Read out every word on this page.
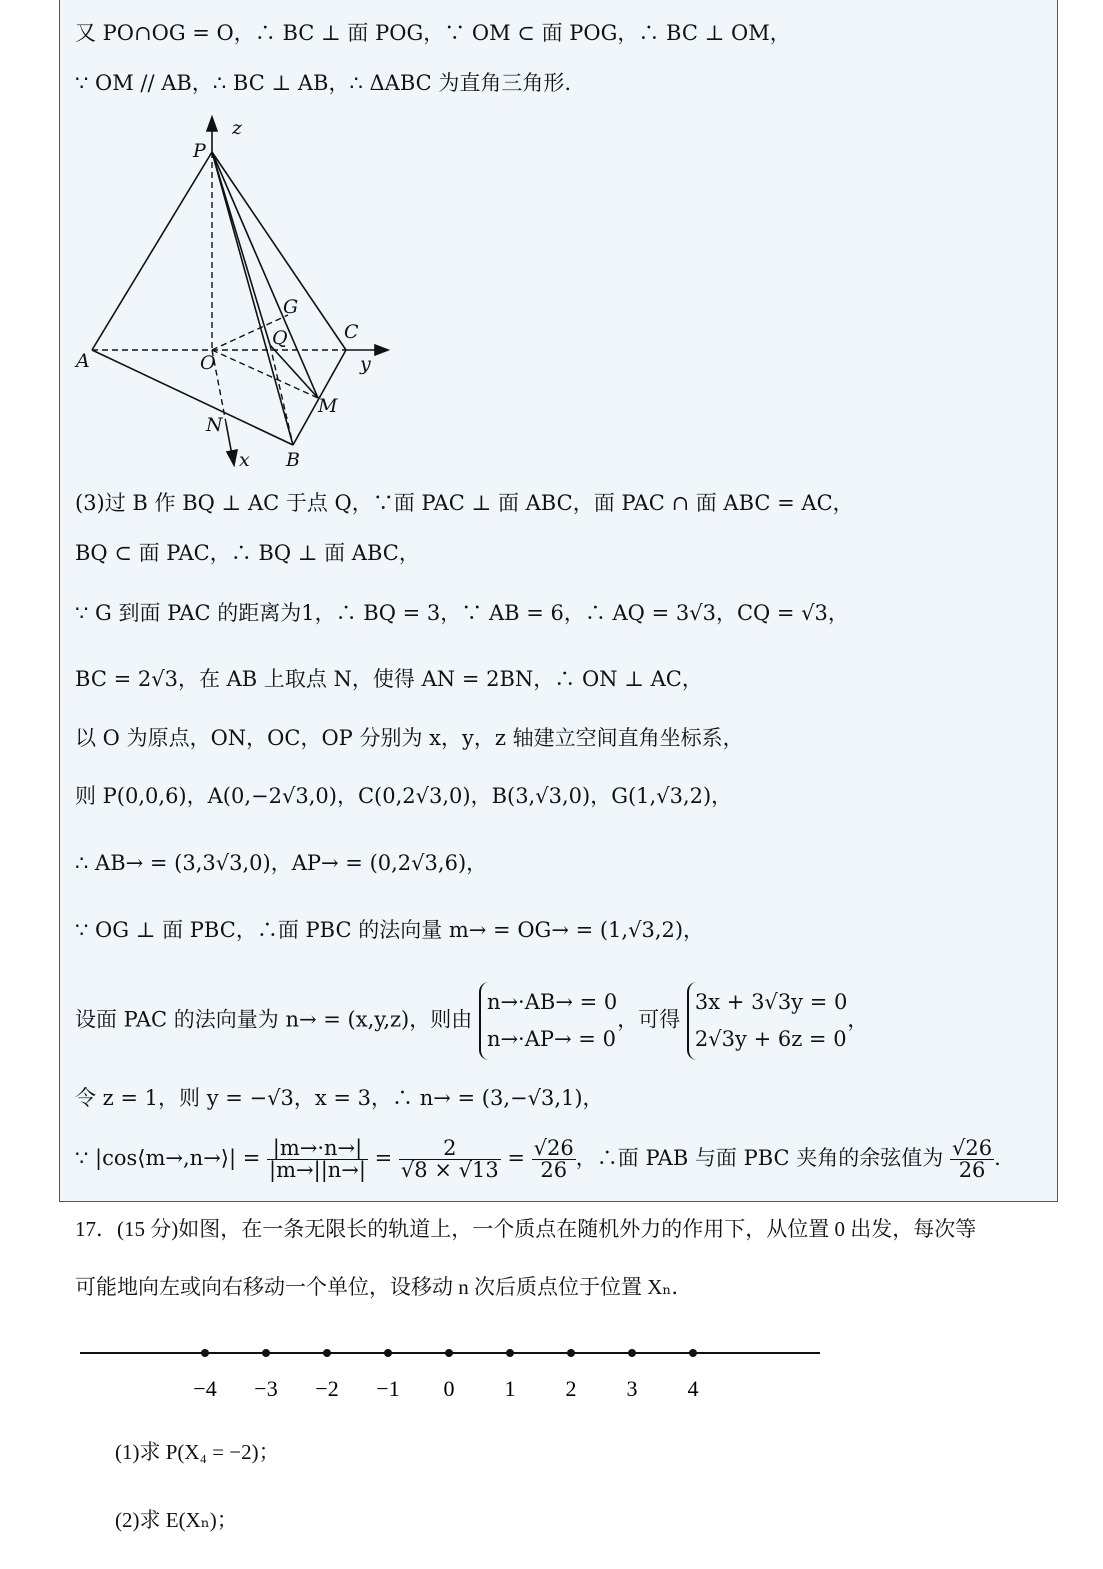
又 PO∩OG = O，∴ BC ⊥ 面 POG，∵ OM ⊂ 面 POG，∴ BC ⊥ OM，
∵ OM // AB，∴ BC ⊥ AB，∴ ΔABC 为直角三角形.
P
z
G
C
Q
A	O	y
M
N
x B
(3)过 B 作 BQ ⊥ AC 于点 Q，∵面 PAC ⊥ 面 ABC，面 PAC ∩ 面 ABC = AC，
BQ ⊂ 面 PAC，∴ BQ ⊥ 面 ABC，
∵ G 到面 PAC 的距离为1，∴ BQ = 3，∵ AB = 6，∴ AQ = 3√3，CQ = √3，
BC = 2√3，在 AB 上取点 N，使得 AN = 2BN，∴ ON ⊥ AC，
以 O 为原点，ON，OC，OP 分别为 x，y，z 轴建立空间直角坐标系，
则 P(0,0,6)，A(0,−2√3,0)，C(0,2√3,0)，B(3,√3,0)，G(1,√3,2)，
∴ AB→ = (3,3√3,0)，AP→ = (0,2√3,6)，
∵ OG ⊥ 面 PBC，∴面 PBC 的法向量 m→ = OG→ = (1,√3,2)，
设面 PAC 的法向量为 n→ = (x,y,z)，则由
n→·AB→ = 0
n→·AP→ = 0
，可得
3x + 3√3y = 0
2√3y + 6z = 0
，
令 z = 1，则 y = −√3，x = 3，∴ n→ = (3,−√3,1)，
∵ |cos⟨m→,n→⟩| = $\frac{|m\to\cdot n\to|}{|m\to||n\to|} = \frac{2}{√8 \times √13} = \frac{√26}{26}$ ，∴面 PAB 与面 PBC 夹角的余弦值为 $\frac{√26}{26}$ .
17．(15 分)如图，在一条无限长的轨道上，一个质点在随机外力的作用下，从位置 0 出发，每次等
可能地向左或向右移动一个单位，设移动 n 次后质点位于位置 Xₙ．
−4 −3 −2 −1 0 1 2 3 4
(1)求 P(X₄ = −2)；
(2)求 E(Xₙ)；
